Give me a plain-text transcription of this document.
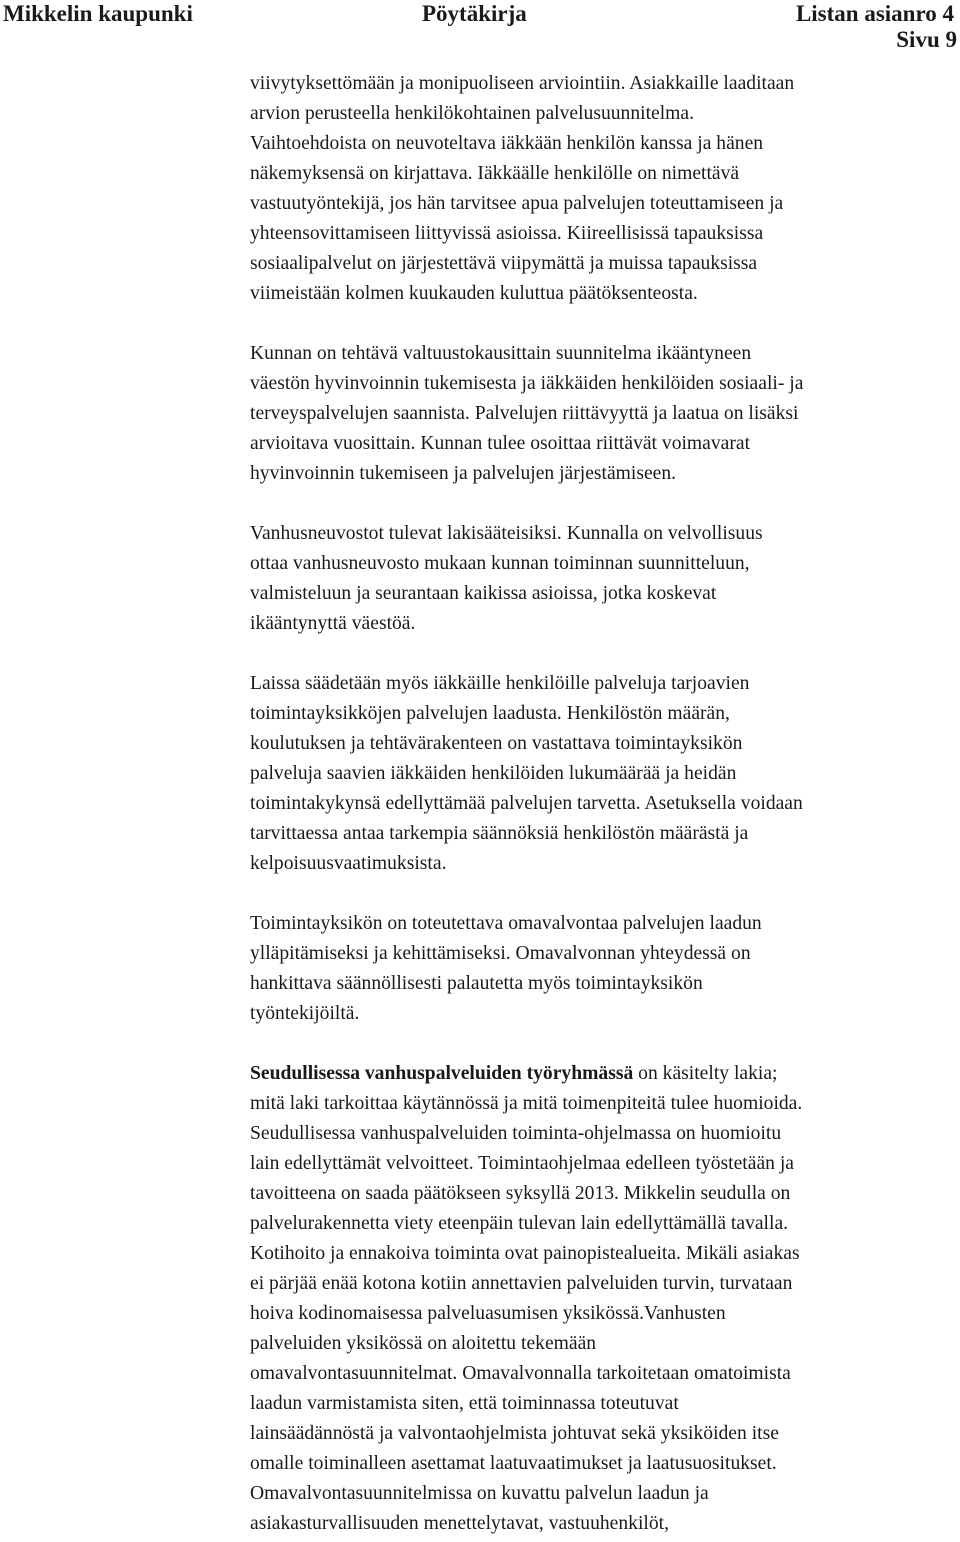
Mikkelin kaupunki	Pöytäkirja	Listan asianro 4
Sivu 9

viivytyksettömään ja monipuoliseen arviointiin. Asiakkaille laaditaan
arvion perusteella henkilökohtainen palvelusuunnitelma.
Vaihtoehdoista on neuvoteltava iäkkään henkilön kanssa ja hänen
näkemyksensä on kirjattava. Iäkkäälle henkilölle on nimettävä
vastuutyöntekijä, jos hän tarvitsee apua palvelujen toteuttamiseen ja
yhteensovittamiseen liittyvissä asioissa. Kiireellisissä tapauksissa
sosiaalipalvelut on järjestettävä viipymättä ja muissa tapauksissa
viimeistään kolmen kuukauden kuluttua päätöksenteosta.

Kunnan on tehtävä valtuustokausittain suunnitelma ikääntyneen
väestön hyvinvoinnin tukemisesta ja iäkkäiden henkilöiden sosiaali- ja
terveyspalvelujen saannista. Palvelujen riittävyyttä ja laatua on lisäksi
arvioitava vuosittain. Kunnan tulee osoittaa riittävät voimavarat
hyvinvoinnin tukemiseen ja palvelujen järjestämiseen.

Vanhusneuvostot tulevat lakisääteisiksi. Kunnalla on velvollisuus
ottaa vanhusneuvosto mukaan kunnan toiminnan suunnitteluun,
valmisteluun ja seurantaan kaikissa asioissa, jotka koskevat
ikääntynyttä väestöä.

Laissa säädetään myös iäkkäille henkilöille palveluja tarjoavien
toimintayksikköjen palvelujen laadusta. Henkilöstön määrän,
koulutuksen ja tehtävärakenteen on vastattava toimintayksikön
palveluja saavien iäkkäiden henkilöiden lukumäärää ja heidän
toimintakykynsä edellyttämää palvelujen tarvetta. Asetuksella voidaan
tarvittaessa antaa tarkempia säännöksiä henkilöstön määrästä ja
kelpoisuusvaatimuksista.

Toimintayksikön on toteutettava omavalvontaa palvelujen laadun
ylläpitämiseksi ja kehittämiseksi. Omavalvonnan yhteydessä on
hankittava säännöllisesti palautetta myös toimintayksikön
työntekijöiltä.

Seudullisessa vanhuspalveluiden työryhmässä on käsitelty lakia;
mitä laki tarkoittaa käytännössä ja mitä toimenpiteitä tulee huomioida.
Seudullisessa vanhuspalveluiden toiminta-ohjelmassa on huomioitu
lain edellyttämät velvoitteet. Toimintaohjelmaa edelleen työstetään ja
tavoitteena on saada päätökseen syksyllä 2013. Mikkelin seudulla on
palvelurakennetta viety eteenpäin tulevan lain edellyttämällä tavalla.
Kotihoito ja ennakoiva toiminta ovat painopistealueita. Mikäli asiakas
ei pärjää enää kotona kotiin annettavien palveluiden turvin, turvataan
hoiva kodinomaisessa palveluasumisen yksikössä.Vanhusten
palveluiden yksikössä on aloitettu tekemään
omavalvontasuunnitelmat. Omavalvonnalla tarkoitetaan omatoimista
laadun varmistamista siten, että toiminnassa toteutuvat
lainsäädännöstä ja valvontaohjelmista johtuvat sekä yksiköiden itse
omalle toiminalleen asettamat laatuvaatimukset ja laatusuositukset.
Omavalvontasuunnitelmissa on kuvattu palvelun laadun ja
asiakasturvallisuuden menettelytavat, vastuuhenkilöt,
